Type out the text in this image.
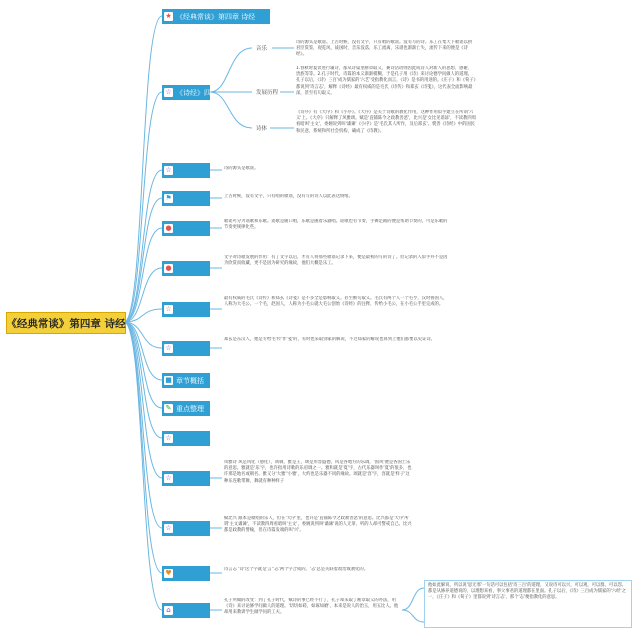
《经典常谈》第四章 诗经
★ 《经典常谈》第四章 诗经
☆ 《诗经》四
音乐
发展历程
诗体
诗的源头是歌谣。上古时候，没有文字，只有唱的歌谣。没有写的诗。乐工在集天下歌谣以供君臣赏鉴，观览风，战国时，音乐没落，乐工流离，乐谱也渐渐亡失，流传下来的便是《诗经》。
1.春秋时宴饮进行辅诗，都从诗篇里断章取义，赛诗活动则因此成诗人对新人的思想、感谢、贵族等等。2.孔子时代，诗篇的本义渐渐模糊，于是孔子用《诗》来讨论德学问做人的道理。孔子以后，《诗》三百'成为儒家的'六艺'受指教化而言，《诗》是书的用途的。《庄子》和《荀子》都说到'诗言志'，解释《诗经》最有权威的是毛氏《诗传》和郑玄《诗笺》，这代表全面影响最深，甚至有句取义。
《诗序》有《大序》和《小序》。《大序》是关于诗歌的教化作用，这种作用似乎建立在所谓'六义'上。《大序》只解释了风雅颂。赋是'直铺陈今之政教善恶'，比兴是'女比见谣谚'，不读教四周看暗叫'主文'，委婉说到叫'谲谏'《小序》是'毛氏其人所作，及后郑玄'。褒善《诗经》中的国民和民意，系统和所社会机构，确成了《诗教》。
☆	诗的源头是歌谣。
⚑	上古时候，没有文字，只有唱的歌谣，没有写的诗人以此表达情绪。
●
歌谣可分为谣歌和乐歌。谣歌是随口唱，乐歌是随着乐器唱。谣歌也有节奏，手舞足蹈的便是帮助节奏的，可是乐歌的节奏更规律化些。
●
文字对诗歌发展的作用：有了文字以后，才有人将那些歌谣记录下来，便是最初的写的诗了。但记录的人似乎并不是因为欣赏而收藏，更不是因为研究的缘故，他们大概是乐工。
☆
最有权威的毛氏《诗传》和郑玄《诗笺》是不多全是影响取义。甚至断句取义。毛氏有两个人一个毛亨，汉时鲁国人，人称为大毛公。一个毛，赵国人，人称为小毛公就大毛公创始《诗经》的注释，传给小毛公，在小毛公手里完成的。
☆
郑玄是东汉人，他是专给毛'传'作'笺'的，有时也采取别家的解说，不过郑家的解说也算到上他们都要以史证诗。
■ 章节概括
✎ 重点整理
☆
☆
凤雅诗 风是风化（感化），讽刺，雅是王，颂是形容盛德，风是各地方的乐调，'国风'便是各国土乐的意思。雅就是'乐'字，也许指用诗歌的乐府调之一。雅和就是'夏'字，古代乐器叫作'夏'的很多，也许那是地名或朝名。雅又分'大雅''小雅'，大约也是乐器不同的缘故。颂就是'容'字，容就是'样子'这种乐连歌带舞，舞就有种种样子
☆
赋比兴 跟本是歌唱的乐人，但在'大序'里，也许是'直铺陈今之政教善恶'的意思。比兴都是'大序'所谓'主文谲谏'，不读教四周看暗叫'主文'，委婉说到叫'谲谏'说的人无罪，听的人却可警戒自己。比兴都是政教的譬喻，但在诗篇发端的叫'兴'。
♥	诗言志 '诗'这个字就是'言''志'两个字合成的。'志'总是关联着政治或教化的。
⌂
孔子所做的改变：到了孔子时代，赋诗的事已经不行了，孔子却采取了断章取义的办法，用《诗》来讨论修学问做人的道理。'切切如磋，如琢如磨'，本来是说人的治玉，用五比人。他却用来教训学生做学问的工夫。
他如此解说，所以说'思无邪'一句话可以包括'诗三百'的道理，又说诗可以兴，可以观，可以群，可以怨。都是从修养道德说的，以理想来看，事父事君的道理都在里面。孔子以后，《诗》三百成为儒家的'六经'之一，《庄子》和《荀子》里都说到'诗言志'，那个'志'便指教化的意思。
